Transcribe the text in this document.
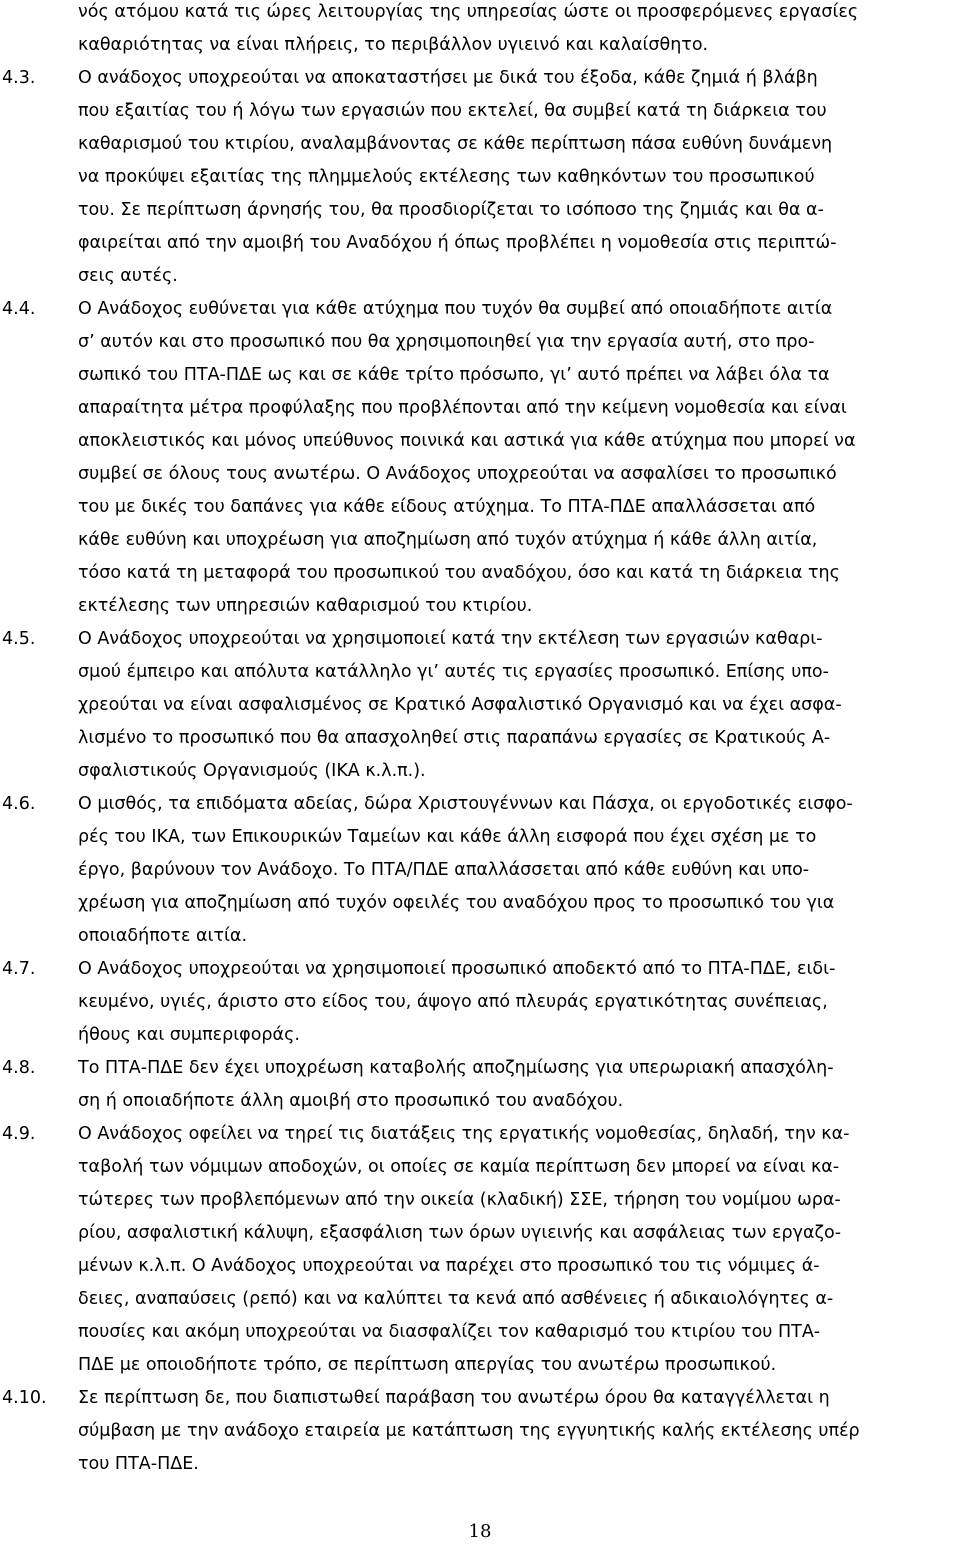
νός ατόμου κατά τις ώρες λειτουργίας της υπηρεσίας ώστε οι προσφερόμενες εργασίες
καθαριότητας να είναι πλήρεις, το περιβάλλον υγιεινό και καλαίσθητο.
4.3. Ο ανάδοχος υποχρεούται να αποκαταστήσει με δικά του έξοδα, κάθε ζημιά ή βλάβη
που εξαιτίας του ή λόγω των εργασιών που εκτελεί, θα συμβεί κατά τη διάρκεια του
καθαρισμού του κτιρίου, αναλαμβάνοντας σε κάθε περίπτωση πάσα ευθύνη δυνάμενη
να προκύψει εξαιτίας της πλημμελούς εκτέλεσης των καθηκόντων του προσωπικού
του. Σε περίπτωση άρνησής του, θα προσδιορίζεται το ισόποσο της ζημιάς και θα α-
φαιρείται από την αμοιβή του Αναδόχου ή όπως προβλέπει η νομοθεσία στις περιπτώ-
σεις αυτές.
4.4. Ο Ανάδοχος ευθύνεται για κάθε ατύχημα που τυχόν θα συμβεί από οποιαδήποτε αιτία
σ’ αυτόν και στο προσωπικό που θα χρησιμοποιηθεί για την εργασία αυτή, στο προ-
σωπικό του ΠΤΑ-ΠΔΕ ως και σε κάθε τρίτο πρόσωπο, γι’ αυτό πρέπει να λάβει όλα τα
απαραίτητα μέτρα προφύλαξης που προβλέπονται από την κείμενη νομοθεσία και είναι
αποκλειστικός και μόνος υπεύθυνος ποινικά και αστικά για κάθε ατύχημα που μπορεί να
συμβεί σε όλους τους ανωτέρω. Ο Ανάδοχος υποχρεούται να ασφαλίσει το προσωπικό
του με δικές του δαπάνες για κάθε είδους ατύχημα. Το ΠΤΑ-ΠΔΕ απαλλάσσεται από
κάθε ευθύνη και υποχρέωση για αποζημίωση από τυχόν ατύχημα ή κάθε άλλη αιτία,
τόσο κατά τη μεταφορά του προσωπικού του αναδόχου, όσο και κατά τη διάρκεια της
εκτέλεσης των υπηρεσιών καθαρισμού του κτιρίου.
4.5. Ο Ανάδοχος υποχρεούται να χρησιμοποιεί κατά την εκτέλεση των εργασιών καθαρι-
σμού έμπειρο και απόλυτα κατάλληλο γι’ αυτές τις εργασίες προσωπικό. Επίσης υπο-
χρεούται να είναι ασφαλισμένος σε Κρατικό Ασφαλιστικό Οργανισμό και να έχει ασφα-
λισμένο το προσωπικό που θα απασχοληθεί στις παραπάνω εργασίες σε Κρατικούς Α-
σφαλιστικούς Οργανισμούς (ΙΚΑ κ.λ.π.).
4.6. Ο μισθός, τα επιδόματα αδείας, δώρα Χριστουγέννων και Πάσχα, οι εργοδοτικές εισφο-
ρές του ΙΚΑ, των Επικουρικών Ταμείων και κάθε άλλη εισφορά που έχει σχέση με το
έργο, βαρύνουν τον Ανάδοχο. Το ΠΤΑ/ΠΔΕ απαλλάσσεται από κάθε ευθύνη και υπο-
χρέωση για αποζημίωση από τυχόν οφειλές του αναδόχου προς το προσωπικό του για
οποιαδήποτε αιτία.
4.7. Ο Ανάδοχος υποχρεούται να χρησιμοποιεί προσωπικό αποδεκτό από το ΠΤΑ-ΠΔΕ, ειδι-
κευμένο, υγιές, άριστο στο είδος του, άψογο από πλευράς εργατικότητας συνέπειας,
ήθους και συμπεριφοράς.
4.8. Το ΠΤΑ-ΠΔΕ δεν έχει υποχρέωση καταβολής αποζημίωσης για υπερωριακή απασχόλη-
ση ή οποιαδήποτε άλλη αμοιβή στο προσωπικό του αναδόχου.
4.9. Ο Ανάδοχος οφείλει να τηρεί τις διατάξεις της εργατικής νομοθεσίας, δηλαδή, την κα-
ταβολή των νόμιμων αποδοχών, οι οποίες σε καμία περίπτωση δεν μπορεί να είναι κα-
τώτερες των προβλεπόμενων από την οικεία (κλαδική) ΣΣΕ, τήρηση του νομίμου ωρα-
ρίου, ασφαλιστική κάλυψη, εξασφάλιση των όρων υγιεινής και ασφάλειας των εργαζο-
μένων κ.λ.π. Ο Ανάδοχος υποχρεούται να παρέχει στο προσωπικό του τις νόμιμες ά-
δειες, αναπαύσεις (ρεπό) και να καλύπτει τα κενά από ασθένειες ή αδικαιολόγητες α-
πουσίες και ακόμη υποχρεούται να διασφαλίζει τον καθαρισμό του κτιρίου του ΠΤΑ-
ΠΔΕ με οποιοδήποτε τρόπο, σε περίπτωση απεργίας του ανωτέρω προσωπικού.
4.10. Σε περίπτωση δε, που διαπιστωθεί παράβαση του ανωτέρω όρου θα καταγγέλλεται η
σύμβαση με την ανάδοχο εταιρεία με κατάπτωση της εγγυητικής καλής εκτέλεσης υπέρ
του ΠΤΑ-ΠΔΕ.
18
